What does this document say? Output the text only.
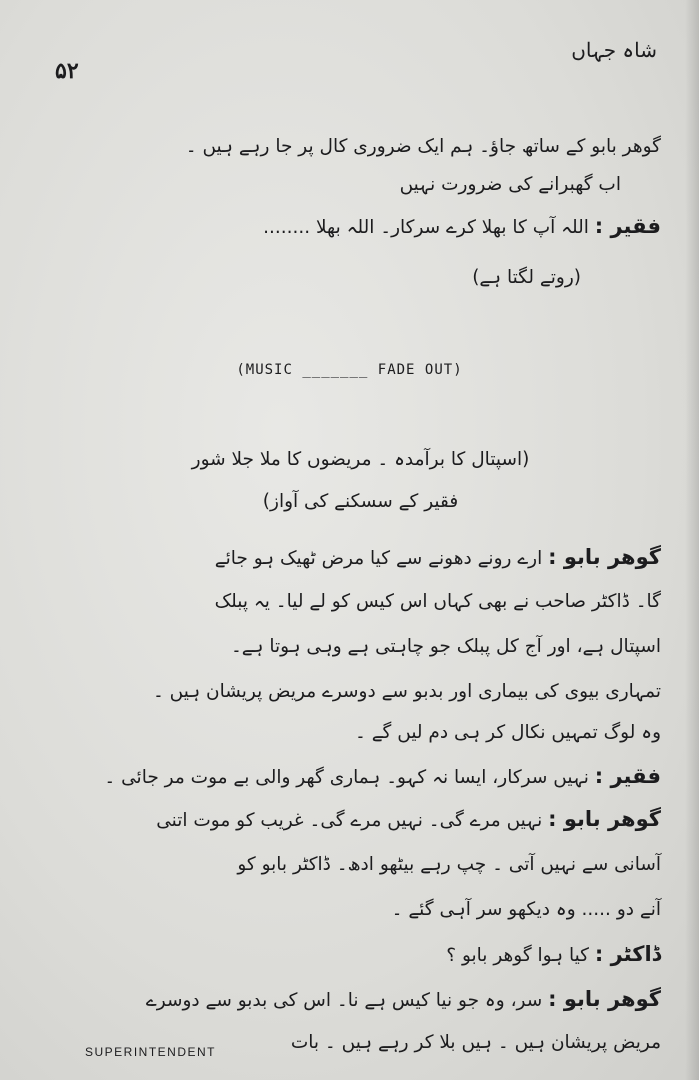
شاہ جہاں
۵۲
گوھر بابو کے ساتھ جاؤ۔ ہم ایک ضروری کال پر جا رہے ہیں ۔
اب گھبرانے کی ضرورت نہیں
فقیر : اللہ آپ کا بھلا کرے سرکار۔ اللہ بھلا ........
(روتے لگتا ہے)
(اسپتال کا برآمدہ ۔ مریضوں کا ملا جلا شور
فقیر کے سسکنے کی آواز)
گوھر بابو : ارے رونے دھونے سے کیا مرض ٹھیک ہو جائے
گا۔ ڈاکٹر صاحب نے بھی کہاں اس کیس کو لے لیا۔ یہ پبلک
اسپتال ہے، اور آج کل پبلک جو چاہتی ہے وہی ہوتا ہے۔
تمہاری بیوی کی بیماری اور بدبو سے دوسرے مریض پریشان ہیں ۔
وہ لوگ تمہیں نکال کر ہی دم لیں گے ۔
فقیر : نہیں سرکار، ایسا نہ کہو۔ ہماری گھر والی بے موت مر جائی ۔
گوھر بابو : نہیں مرے گی۔ نہیں مرے گی۔ غریب کو موت اتنی
آسانی سے نہیں آتی ۔ چپ رہے بیٹھو ادھ۔ ڈاکٹر بابو کو
آنے دو ..... وہ دیکھو سر آہی گئے ۔
ڈاکٹر : کیا ہوا گوھر بابو ؟
گوھر بابو : سر، وہ جو نیا کیس ہے نا۔ اس کی بدبو سے دوسرے
مریض پریشان ہیں ۔ ہیں بلا کر رہے ہیں ۔ بات
(MUSIC _______ FADE OUT)
SUPERINTENDENT
